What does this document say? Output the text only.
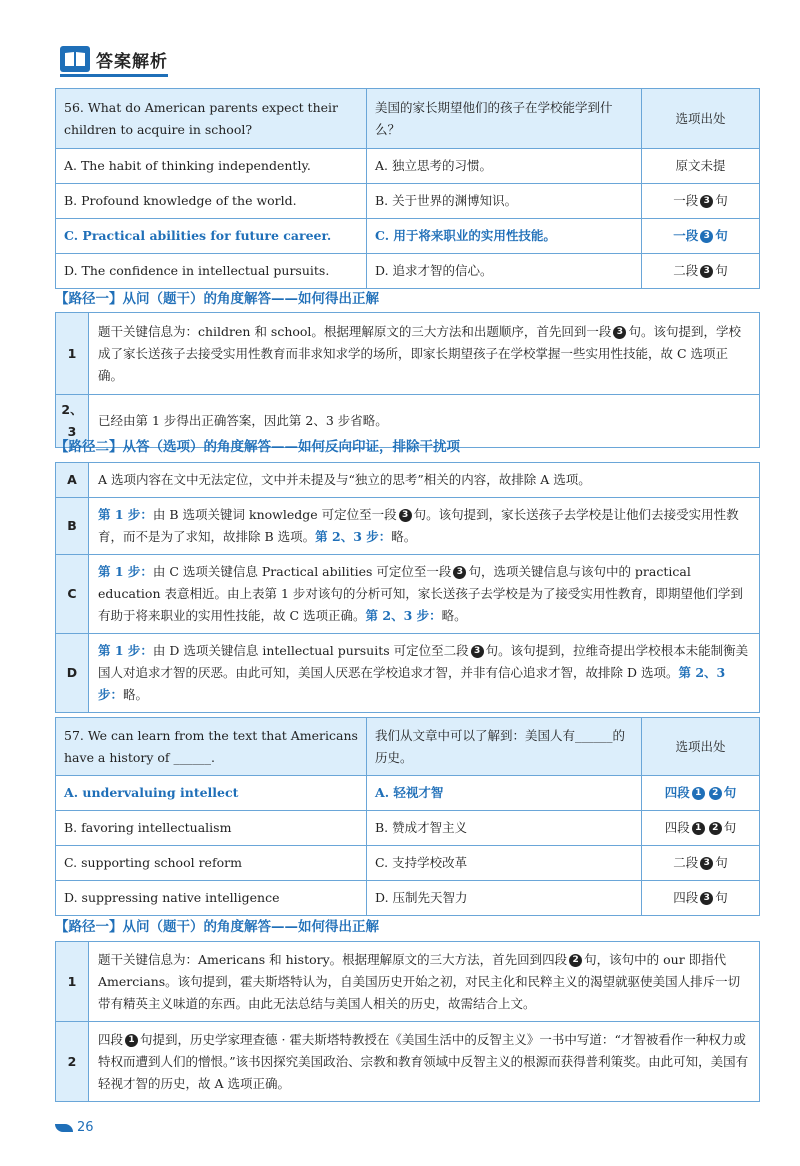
答案解析
56. What do American parents expect their children to acquire in school?	美国的家长期望他们的孩子在学校能学到什么？	选项出处
A. The habit of thinking independently.	A. 独立思考的习惯。	原文未提
B. Profound knowledge of the world.	B. 关于世界的渊博知识。	一段 3 句
C. Practical abilities for future career.	C. 用于将来职业的实用性技能。	一段 3 句
D. The confidence in intellectual pursuits.	D. 追求才智的信心。	二段 3 句
【路径一】从问（题干）的角度解答——如何得出正解
1	题干关键信息为：children 和 school。根据理解原文的三大方法和出题顺序，首先回到一段 3 句。该句提到，学校成了家长送孩子去接受实用性教育而非求知求学的场所，即家长期望孩子在学校掌握一些实用性技能，故 C 选项正确。
2、3	已经由第 1 步得出正确答案，因此第 2、3 步省略。
【路径二】从答（选项）的角度解答——如何反向印证，排除干扰项
A	A 选项内容在文中无法定位，文中并未提及与“独立的思考”相关的内容，故排除 A 选项。
B	第 1 步：由 B 选项关键词 knowledge 可定位至一段 3 句。该句提到，家长送孩子去学校是让他们去接受实用性教育，而不是为了求知，故排除 B 选项。第 2、3 步：略。
C	第 1 步：由 C 选项关键信息 Practical abilities 可定位至一段 3 句，选项关键信息与该句中的 practical education 表意相近。由上表第 1 步对该句的分析可知，家长送孩子去学校是为了接受实用性教育，即期望他们学到有助于将来职业的实用性技能，故 C 选项正确。第 2、3 步：略。
D	第 1 步：由 D 选项关键信息 intellectual pursuits 可定位至二段 3 句。该句提到，拉维奇提出学校根本未能制衡美国人对追求才智的厌恶。由此可知，美国人厌恶在学校追求才智，并非有信心追求才智，故排除 D 选项。第 2、3 步：略。
57. We can learn from the text that Americans have a history of ______.	我们从文章中可以了解到：美国人有______的历史。	选项出处
A. undervaluing intellect	A. 轻视才智	四段 1 2 句
B. favoring intellectualism	B. 赞成才智主义	四段 1 2 句
C. supporting school reform	C. 支持学校改革	二段 3 句
D. suppressing native intelligence	D. 压制先天智力	四段 3 句
【路径一】从问（题干）的角度解答——如何得出正解
1	题干关键信息为：Americans 和 history。根据理解原文的三大方法，首先回到四段 2 句，该句中的 our 即指代 Amercians。该句提到，霍夫斯塔特认为，自美国历史开始之初，对民主化和民粹主义的渴望就驱使美国人排斥一切带有精英主义味道的东西。由此无法总结与美国人相关的历史，故需结合上文。
2	四段 1 句提到，历史学家理查德 · 霍夫斯塔特教授在《美国生活中的反智主义》一书中写道：“才智被看作一种权力或特权而遭到人们的憎恨。”该书因探究美国政治、宗教和教育领域中反智主义的根源而获得普利策奖。由此可知，美国有轻视才智的历史，故 A 选项正确。
26
